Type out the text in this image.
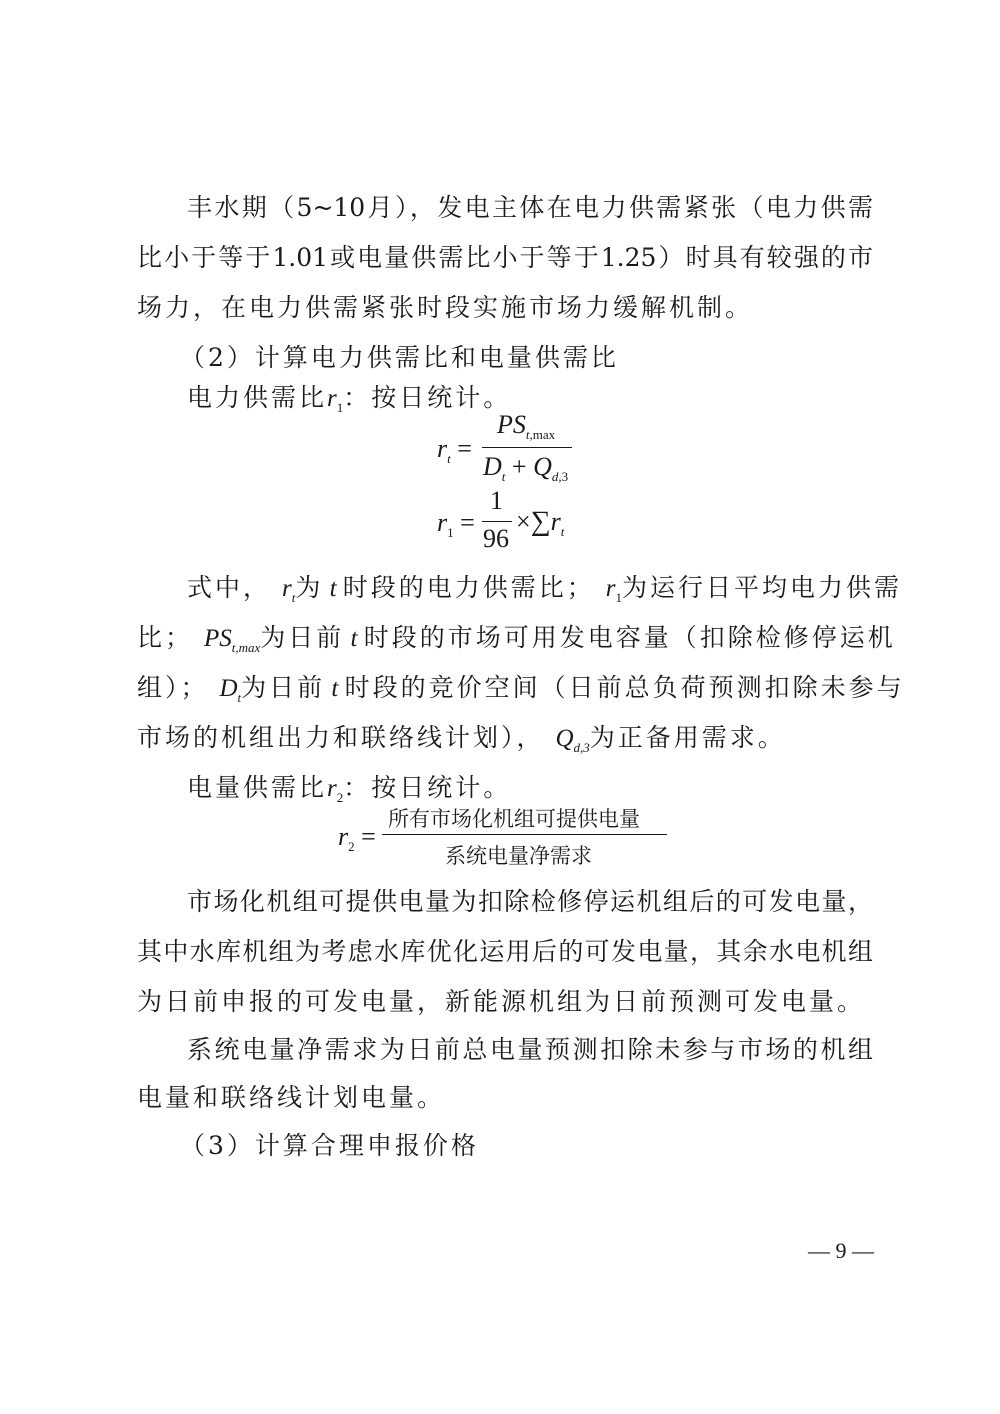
丰水期（5~10月），发电主体在电力供需紧张（电力供需
比小于等于1.01或电量供需比小于等于1.25）时具有较强的市
场力，在电力供需紧张时段实施市场力缓解机制。
（2）计算电力供需比和电量供需比
电力供需比$r_1$：按日统计。
$r_t$ =
$PS_{t,max}$
$D_t + Q_{d,3}$
$r_1$ =
1
96
$\times\sum r_t$
式中， $r_t$为 t 时段的电力供需比； $r_1$为运行日平均电力供需
比； $PS_{t,max}$为日前 t 时段的市场可用发电容量（扣除检修停运机
组）； $D_t$为日前 t 时段的竞价空间（日前总负荷预测扣除未参与
市场的机组出力和联络线计划）， $Q_{d,3}$为正备用需求。
电量供需比$r_2$：按日统计。
$r_2$ =
所有市场化机组可提供电量
系统电量净需求
市场化机组可提供电量为扣除检修停运机组后的可发电量，
其中水库机组为考虑水库优化运用后的可发电量，其余水电机组
为日前申报的可发电量，新能源机组为日前预测可发电量。
系统电量净需求为日前总电量预测扣除未参与市场的机组
电量和联络线计划电量。
（3）计算合理申报价格
— 9 —
